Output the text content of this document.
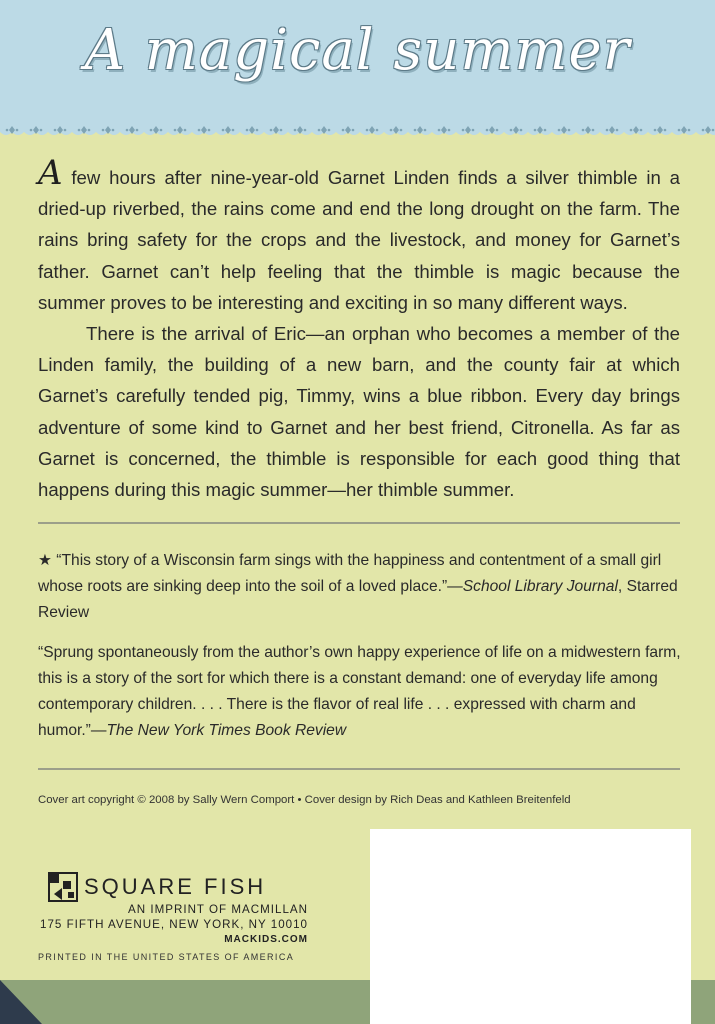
A magical summer

A few hours after nine-year-old Garnet Linden finds a silver thimble in a dried-up riverbed, the rains come and end the long drought on the farm. The rains bring safety for the crops and the livestock, and money for Garnet’s father. Garnet can’t help feeling that the thimble is magic because the summer proves to be interesting and exciting in so many different ways.

There is the arrival of Eric—an orphan who becomes a member of the Linden family, the building of a new barn, and the county fair at which Garnet’s carefully tended pig, Timmy, wins a blue ribbon. Every day brings adventure of some kind to Garnet and her best friend, Citronella. As far as Garnet is concerned, the thimble is responsible for each good thing that happens during this magic summer—her thimble summer.

★ “This story of a Wisconsin farm sings with the happiness and contentment of a small girl whose roots are sinking deep into the soil of a loved place.”—School Library Journal, Starred Review

“Sprung spontaneously from the author’s own happy experience of life on a midwestern farm, this is a story of the sort for which there is a constant demand: one of everyday life among contemporary children. . . . There is the flavor of real life . . . expressed with charm and humor.”—The New York Times Book Review

Cover art copyright © 2008 by Sally Wern Comport • Cover design by Rich Deas and Kathleen Breitenfeld
SQUARE FISH
AN IMPRINT OF MACMILLAN
175 FIFTH AVENUE, NEW YORK, NY 10010
MACKIDS.COM
PRINTED IN THE UNITED STATES OF AMERICA
